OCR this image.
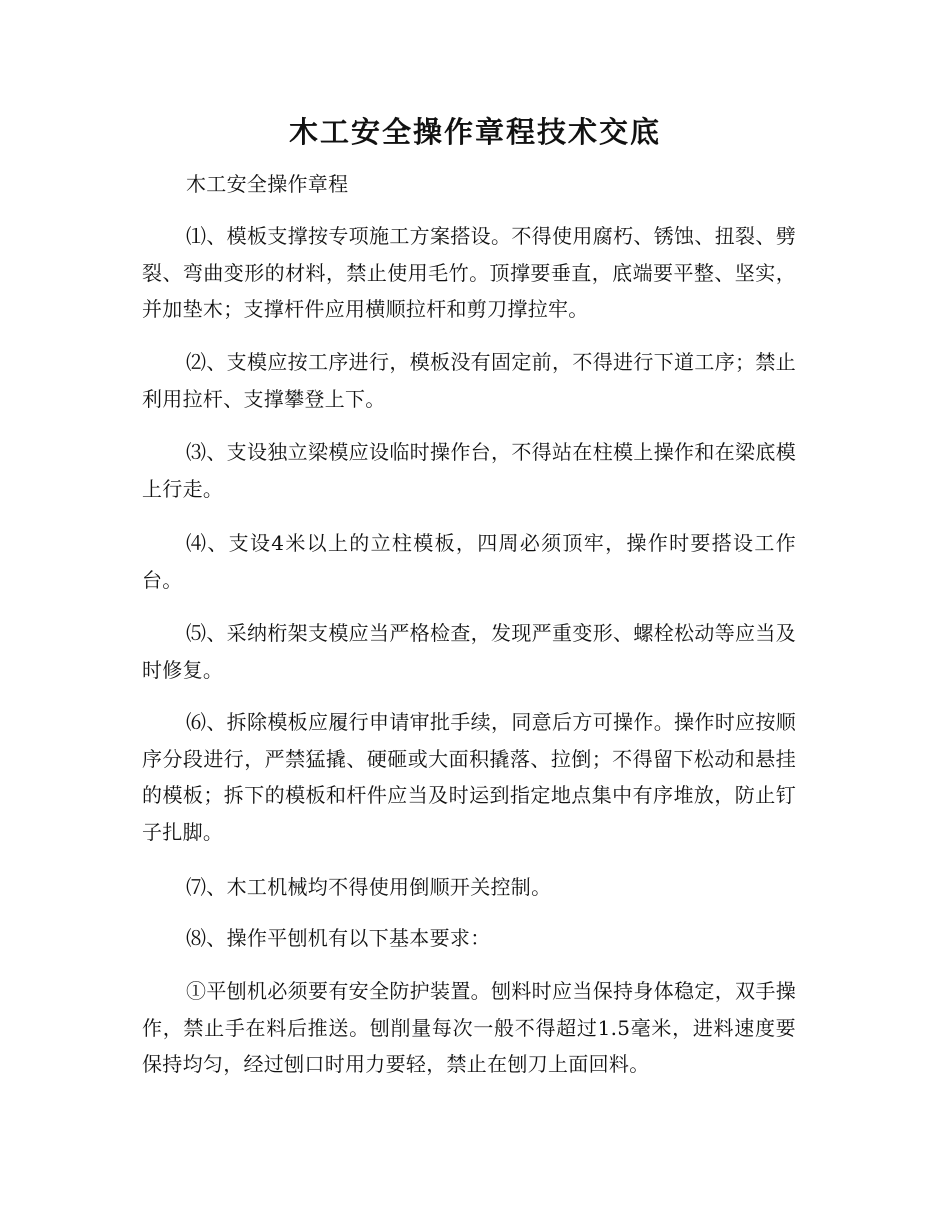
木工安全操作章程技术交底

木工安全操作章程

⑴、模板支撑按专项施工方案搭设。不得使用腐朽、锈蚀、扭裂、劈裂、弯曲变形的材料，禁止使用毛竹。顶撑要垂直，底端要平整、坚实，并加垫木；支撑杆件应用横顺拉杆和剪刀撑拉牢。

⑵、支模应按工序进行，模板没有固定前，不得进行下道工序；禁止利用拉杆、支撑攀登上下。

⑶、支设独立梁模应设临时操作台，不得站在柱模上操作和在梁底模上行走。

⑷、支设4米以上的立柱模板，四周必须顶牢，操作时要搭设工作台。

⑸、采纳桁架支模应当严格检查，发现严重变形、螺栓松动等应当及时修复。

⑹、拆除模板应履行申请审批手续，同意后方可操作。操作时应按顺序分段进行，严禁猛撬、硬砸或大面积撬落、拉倒；不得留下松动和悬挂的模板；拆下的模板和杆件应当及时运到指定地点集中有序堆放，防止钉子扎脚。

⑺、木工机械均不得使用倒顺开关控制。

⑻、操作平刨机有以下基本要求：

①平刨机必须要有安全防护装置。刨料时应当保持身体稳定，双手操作，禁止手在料后推送。刨削量每次一般不得超过1.5毫米，进料速度要保持均匀，经过刨口时用力要轻，禁止在刨刀上面回料。
